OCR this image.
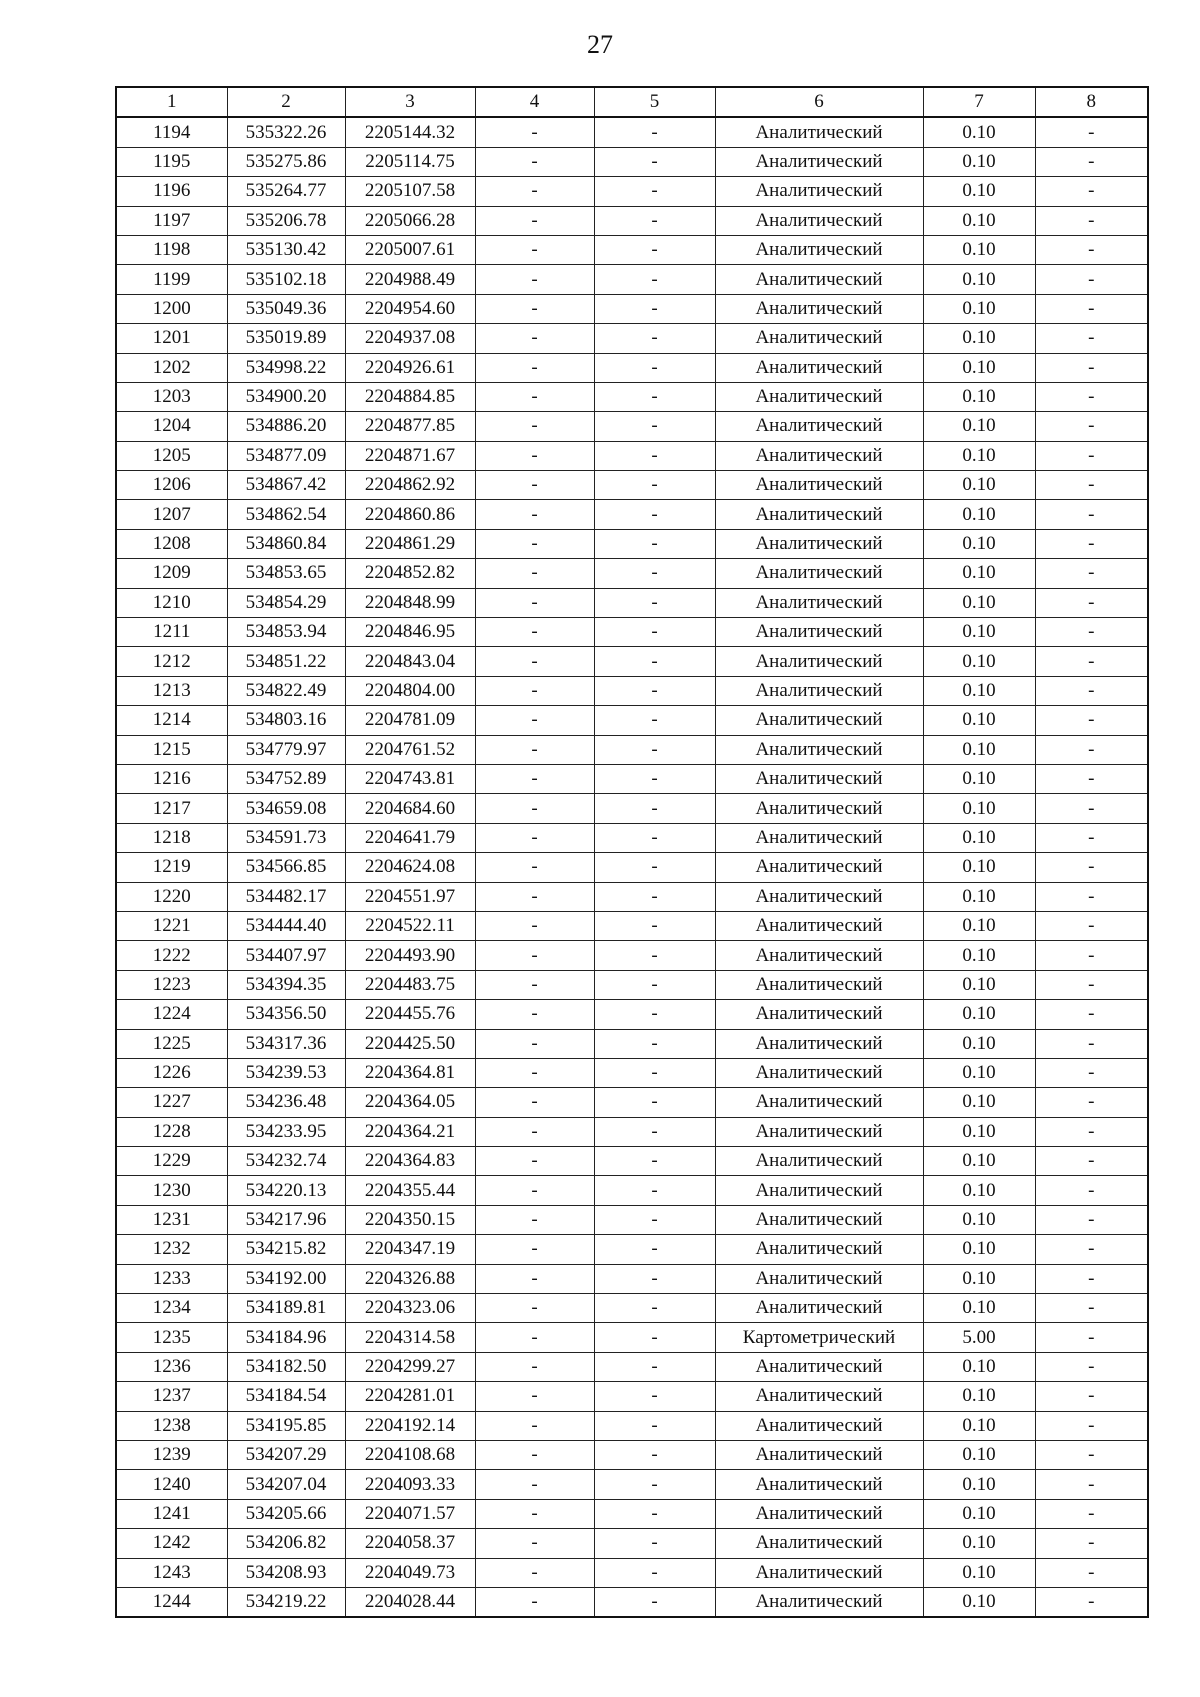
27
1	2	3	4	5	6	7	8
1194	535322.26	2205144.32	-	-	Аналитический	0.10	-
1195	535275.86	2205114.75	-	-	Аналитический	0.10	-
1196	535264.77	2205107.58	-	-	Аналитический	0.10	-
1197	535206.78	2205066.28	-	-	Аналитический	0.10	-
1198	535130.42	2205007.61	-	-	Аналитический	0.10	-
1199	535102.18	2204988.49	-	-	Аналитический	0.10	-
1200	535049.36	2204954.60	-	-	Аналитический	0.10	-
1201	535019.89	2204937.08	-	-	Аналитический	0.10	-
1202	534998.22	2204926.61	-	-	Аналитический	0.10	-
1203	534900.20	2204884.85	-	-	Аналитический	0.10	-
1204	534886.20	2204877.85	-	-	Аналитический	0.10	-
1205	534877.09	2204871.67	-	-	Аналитический	0.10	-
1206	534867.42	2204862.92	-	-	Аналитический	0.10	-
1207	534862.54	2204860.86	-	-	Аналитический	0.10	-
1208	534860.84	2204861.29	-	-	Аналитический	0.10	-
1209	534853.65	2204852.82	-	-	Аналитический	0.10	-
1210	534854.29	2204848.99	-	-	Аналитический	0.10	-
1211	534853.94	2204846.95	-	-	Аналитический	0.10	-
1212	534851.22	2204843.04	-	-	Аналитический	0.10	-
1213	534822.49	2204804.00	-	-	Аналитический	0.10	-
1214	534803.16	2204781.09	-	-	Аналитический	0.10	-
1215	534779.97	2204761.52	-	-	Аналитический	0.10	-
1216	534752.89	2204743.81	-	-	Аналитический	0.10	-
1217	534659.08	2204684.60	-	-	Аналитический	0.10	-
1218	534591.73	2204641.79	-	-	Аналитический	0.10	-
1219	534566.85	2204624.08	-	-	Аналитический	0.10	-
1220	534482.17	2204551.97	-	-	Аналитический	0.10	-
1221	534444.40	2204522.11	-	-	Аналитический	0.10	-
1222	534407.97	2204493.90	-	-	Аналитический	0.10	-
1223	534394.35	2204483.75	-	-	Аналитический	0.10	-
1224	534356.50	2204455.76	-	-	Аналитический	0.10	-
1225	534317.36	2204425.50	-	-	Аналитический	0.10	-
1226	534239.53	2204364.81	-	-	Аналитический	0.10	-
1227	534236.48	2204364.05	-	-	Аналитический	0.10	-
1228	534233.95	2204364.21	-	-	Аналитический	0.10	-
1229	534232.74	2204364.83	-	-	Аналитический	0.10	-
1230	534220.13	2204355.44	-	-	Аналитический	0.10	-
1231	534217.96	2204350.15	-	-	Аналитический	0.10	-
1232	534215.82	2204347.19	-	-	Аналитический	0.10	-
1233	534192.00	2204326.88	-	-	Аналитический	0.10	-
1234	534189.81	2204323.06	-	-	Аналитический	0.10	-
1235	534184.96	2204314.58	-	-	Картометрический	5.00	-
1236	534182.50	2204299.27	-	-	Аналитический	0.10	-
1237	534184.54	2204281.01	-	-	Аналитический	0.10	-
1238	534195.85	2204192.14	-	-	Аналитический	0.10	-
1239	534207.29	2204108.68	-	-	Аналитический	0.10	-
1240	534207.04	2204093.33	-	-	Аналитический	0.10	-
1241	534205.66	2204071.57	-	-	Аналитический	0.10	-
1242	534206.82	2204058.37	-	-	Аналитический	0.10	-
1243	534208.93	2204049.73	-	-	Аналитический	0.10	-
1244	534219.22	2204028.44	-	-	Аналитический	0.10	-
